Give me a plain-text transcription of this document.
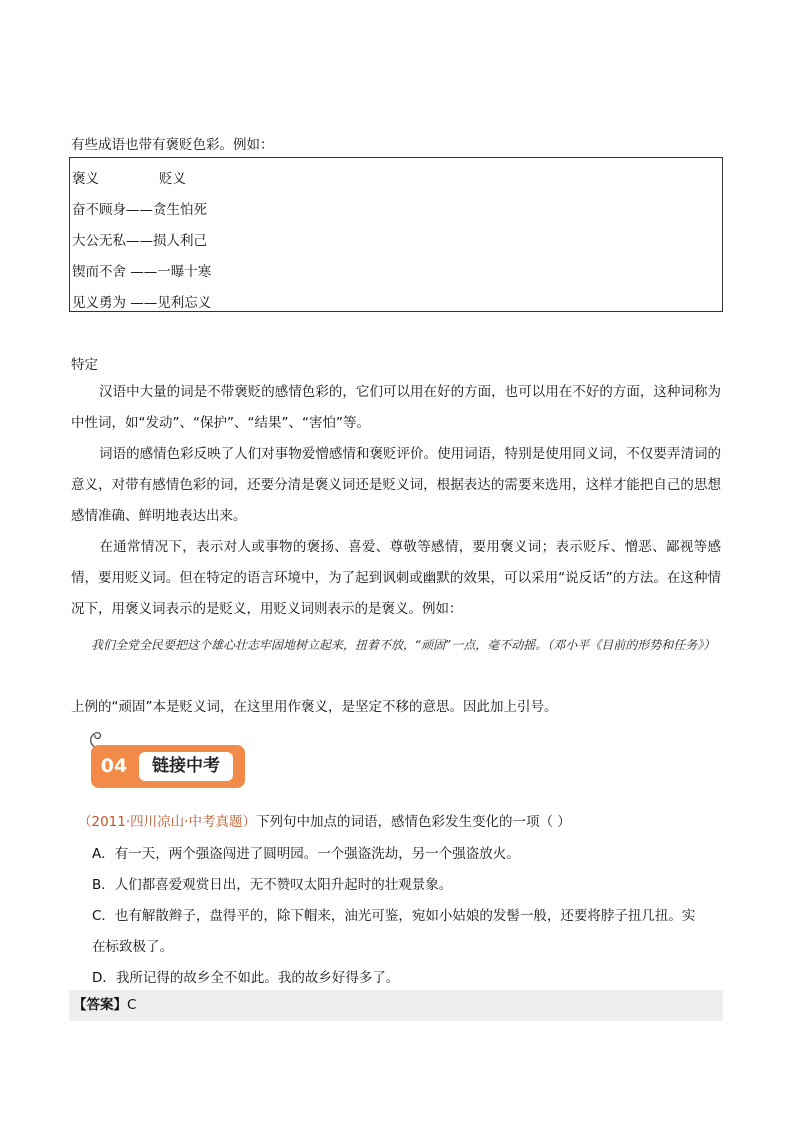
有些成语也带有褒贬色彩。例如：
褒义	贬义
奋不顾身——贪生怕死
大公无私——损人利己
锲而不舍 ——一曝十寒
见义勇为 ——见利忘义
特定
汉语中大量的词是不带褒贬的感情色彩的，它们可以用在好的方面，也可以用在不好的方面，这种词称为中性词，如“发动”、“保护”、“结果”、“害怕”等。
词语的感情色彩反映了人们对事物爱憎感情和褒贬评价。使用词语，特别是使用同义词，不仅要弄清词的意义，对带有感情色彩的词，还要分清是褒义词还是贬义词，根据表达的需要来选用，这样才能把自己的思想感情准确、鲜明地表达出来。
在通常情况下，表示对人或事物的褒扬、喜爱、尊敬等感情，要用褒义词；表示贬斥、憎恶、鄙视等感情，要用贬义词。但在特定的语言环境中，为了起到讽刺或幽默的效果，可以采用“说反话”的方法。在这种情况下，用褒义词表示的是贬义，用贬义词则表示的是褒义。例如：
我们全党全民要把这个雄心壮志牢固地树立起来，扭着不放，“顽固”一点，毫不动摇。（邓小平《目前的形势和任务》）
上例的“顽固”本是贬义词，在这里用作褒义，是坚定不移的意思。因此加上引号。
04	链接中考
（2011·四川凉山·中考真题）下列句中加点的词语，感情色彩发生变化的一项（ ）
A．有一天，两个强盗闯进了圆明园。一个强盗洗劫，另一个强盗放火。
B．人们都喜爱观赏日出，无不赞叹太阳升起时的壮观景象。
C．也有解散辫子，盘得平的，除下帽来，油光可鉴，宛如小姑娘的发髻一般，还要将脖子扭几扭。实
在标致极了。
D．我所记得的故乡全不如此。我的故乡好得多了。
【答案】C
